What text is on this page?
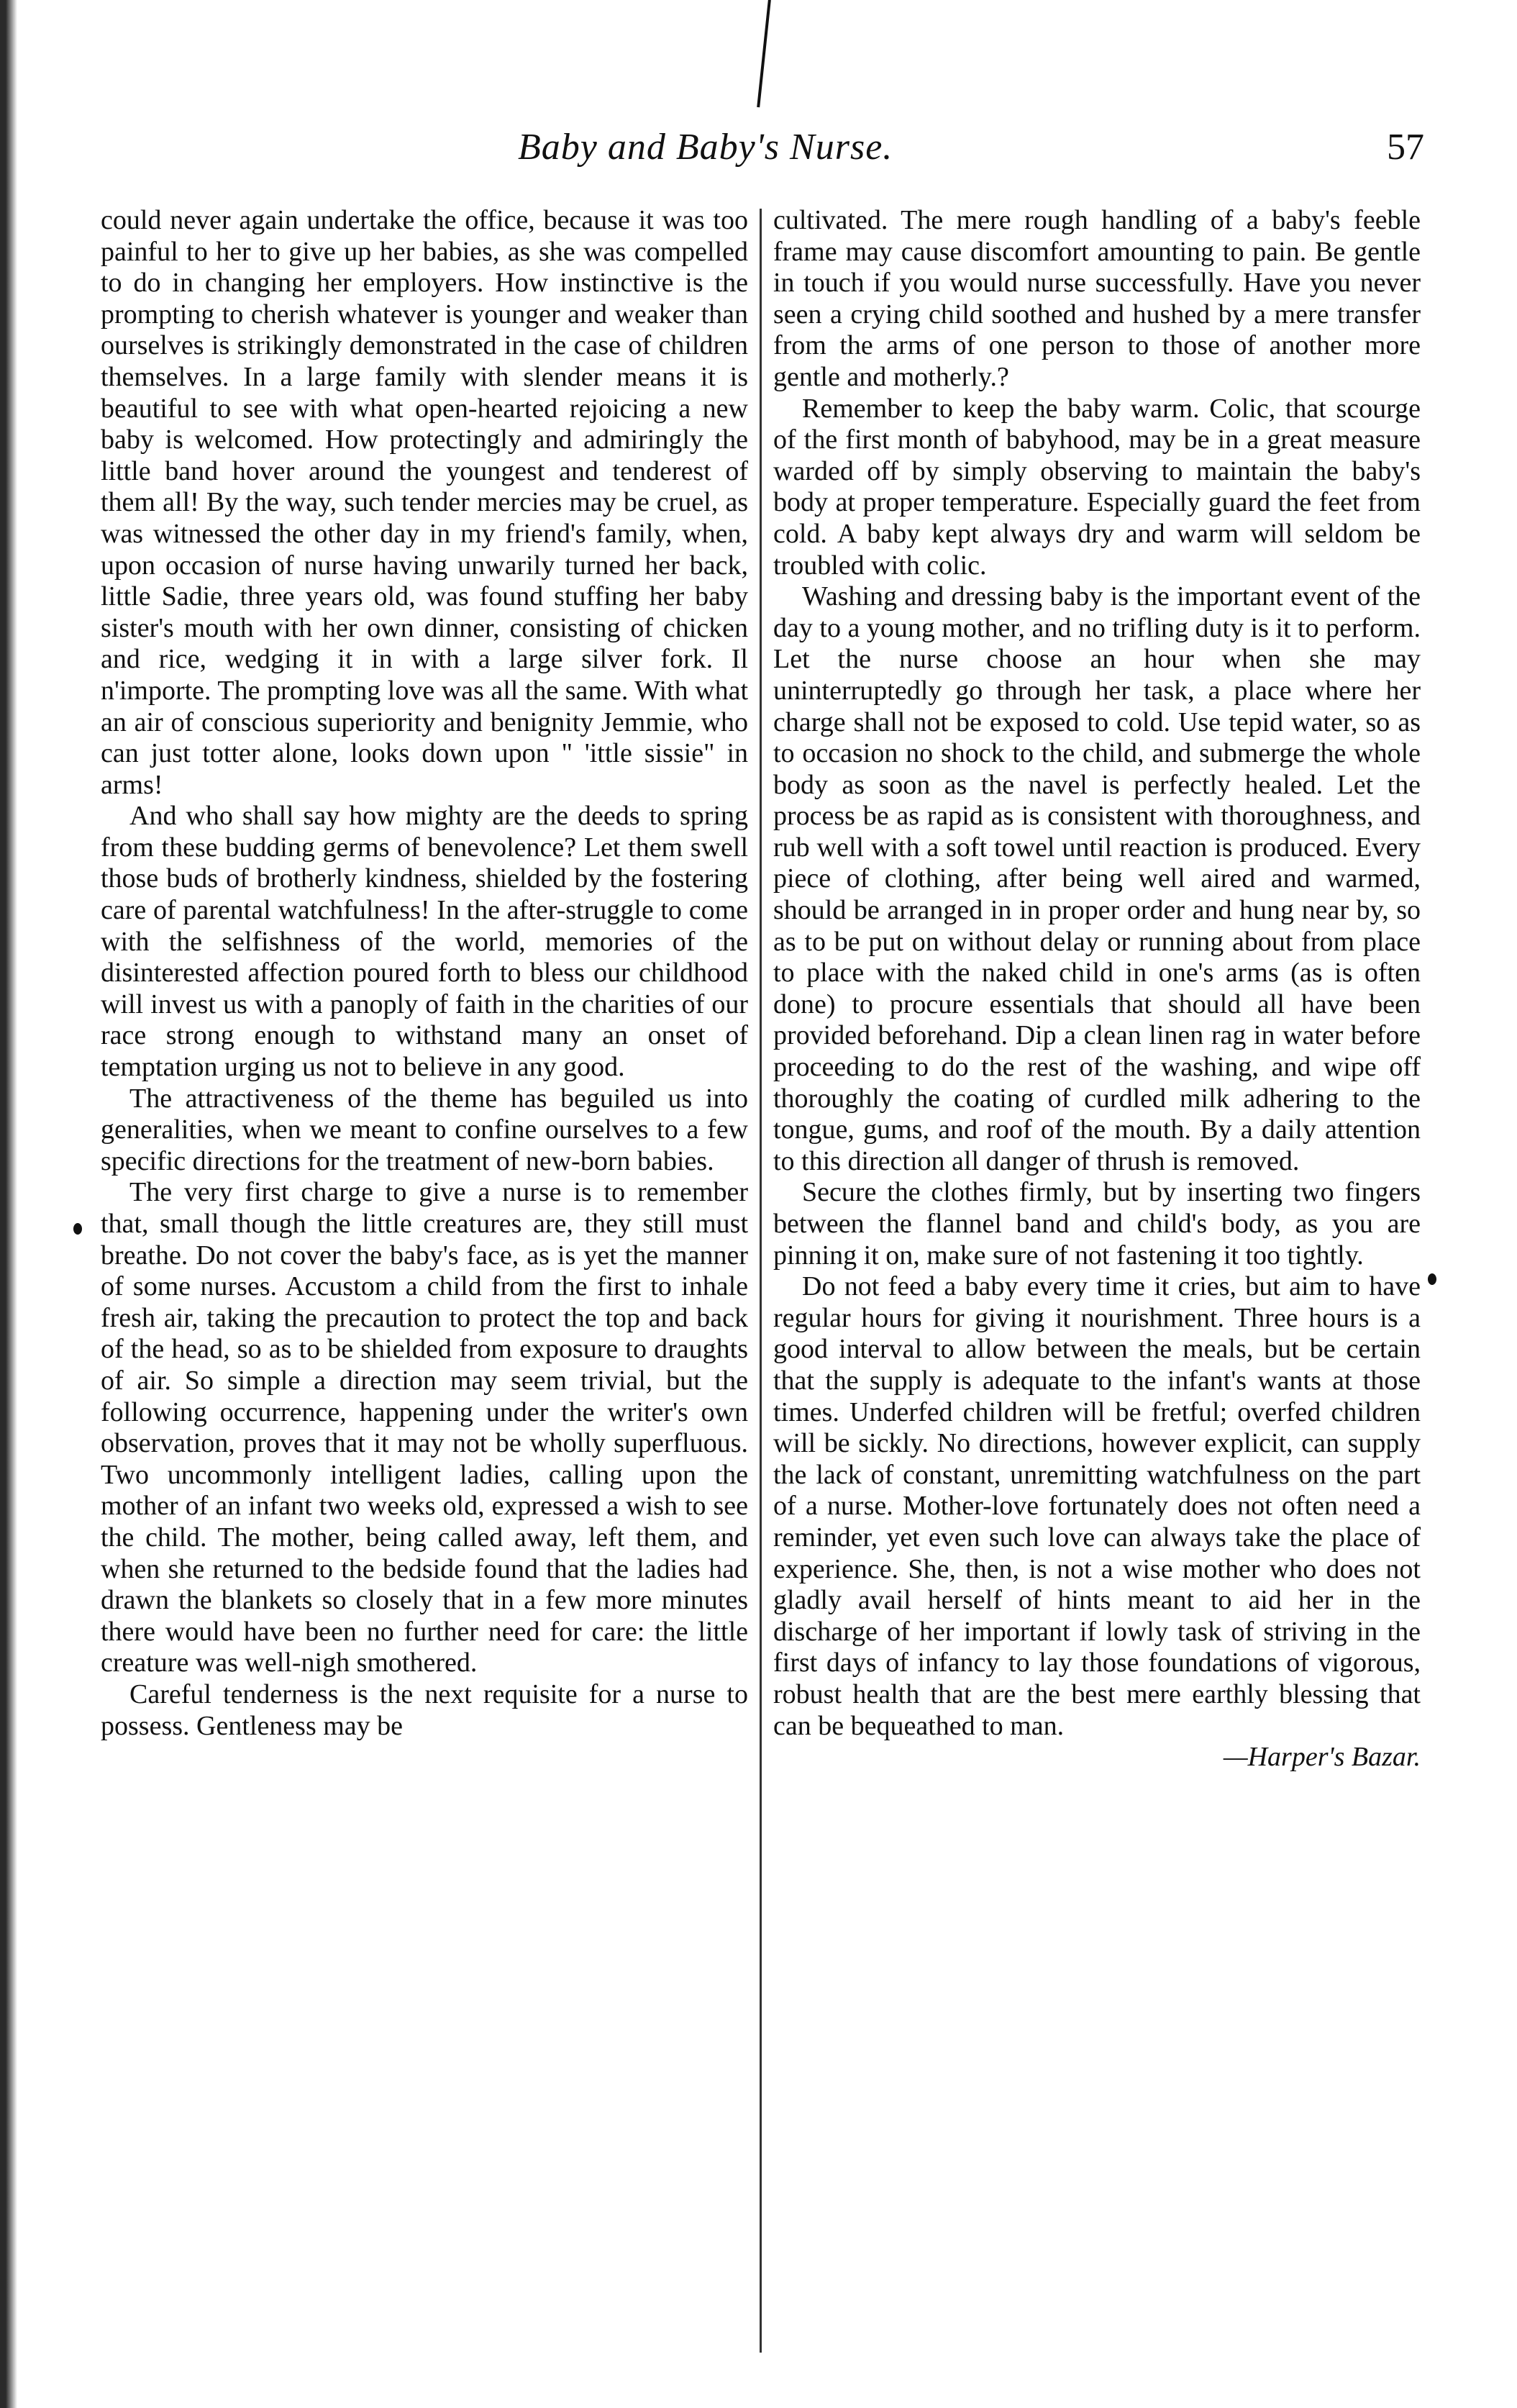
Baby and Baby's Nurse.	57

could never again undertake the office, because it was too painful to her to give up her babies, as she was compelled to do in changing her employers. How instinctive is the prompting to cherish whatever is younger and weaker than ourselves is strikingly demonstrated in the case of children themselves. In a large family with slender means it is beautiful to see with what open-hearted rejoicing a new baby is welcomed. How protectingly and admiringly the little band hover around the youngest and tenderest of them all! By the way, such tender mercies may be cruel, as was witnessed the other day in my friend's family, when, upon occasion of nurse having unwarily turned her back, little Sadie, three years old, was found stuffing her baby sister's mouth with her own dinner, consisting of chicken and rice, wedging it in with a large silver fork. Il n'importe. The prompting love was all the same. With what an air of conscious superiority and benignity Jemmie, who can just totter alone, looks down upon " 'ittle sissie" in arms!

And who shall say how mighty are the deeds to spring from these budding germs of benevolence? Let them swell those buds of brotherly kindness, shielded by the fostering care of parental watchfulness! In the after-struggle to come with the selfishness of the world, memories of the disinterested affection poured forth to bless our childhood will invest us with a panoply of faith in the charities of our race strong enough to withstand many an onset of temptation urging us not to believe in any good.

The attractiveness of the theme has beguiled us into generalities, when we meant to confine ourselves to a few specific directions for the treatment of new-born babies.

The very first charge to give a nurse is to remember that, small though the little creatures are, they still must breathe. Do not cover the baby's face, as is yet the manner of some nurses. Accustom a child from the first to inhale fresh air, taking the precaution to protect the top and back of the head, so as to be shielded from exposure to draughts of air. So simple a direction may seem trivial, but the following occurrence, happening under the writer's own observation, proves that it may not be wholly superfluous. Two uncommonly intelligent ladies, calling upon the mother of an infant two weeks old, expressed a wish to see the child. The mother, being called away, left them, and when she returned to the bedside found that the ladies had drawn the blankets so closely that in a few more minutes there would have been no further need for care: the little creature was well-nigh smothered.

Careful tenderness is the next requisite for a nurse to possess. Gentleness may be

cultivated. The mere rough handling of a baby's feeble frame may cause discomfort amounting to pain. Be gentle in touch if you would nurse successfully. Have you never seen a crying child soothed and hushed by a mere transfer from the arms of one person to those of another more gentle and motherly.?

Remember to keep the baby warm. Colic, that scourge of the first month of babyhood, may be in a great measure warded off by simply observing to maintain the baby's body at proper temperature. Especially guard the feet from cold. A baby kept always dry and warm will seldom be troubled with colic.

Washing and dressing baby is the important event of the day to a young mother, and no trifling duty is it to perform. Let the nurse choose an hour when she may uninterruptedly go through her task, a place where her charge shall not be exposed to cold. Use tepid water, so as to occasion no shock to the child, and submerge the whole body as soon as the navel is perfectly healed. Let the process be as rapid as is consistent with thoroughness, and rub well with a soft towel until reaction is produced. Every piece of clothing, after being well aired and warmed, should be arranged in in proper order and hung near by, so as to be put on without delay or running about from place to place with the naked child in one's arms (as is often done) to procure essentials that should all have been provided beforehand. Dip a clean linen rag in water before proceeding to do the rest of the washing, and wipe off thoroughly the coating of curdled milk adhering to the tongue, gums, and roof of the mouth. By a daily attention to this direction all danger of thrush is removed.

Secure the clothes firmly, but by inserting two fingers between the flannel band and child's body, as you are pinning it on, make sure of not fastening it too tightly.

Do not feed a baby every time it cries, but aim to have regular hours for giving it nourishment. Three hours is a good interval to allow between the meals, but be certain that the supply is adequate to the infant's wants at those times. Underfed children will be fretful; overfed children will be sickly. No directions, however explicit, can supply the lack of constant, unremitting watchfulness on the part of a nurse. Mother-love fortunately does not often need a reminder, yet even such love can always take the place of experience. She, then, is not a wise mother who does not gladly avail herself of hints meant to aid her in the discharge of her important if lowly task of striving in the first days of infancy to lay those foundations of vigorous, robust health that are the best mere earthly blessing that can be bequeathed to man.

—Harper's Bazar.
